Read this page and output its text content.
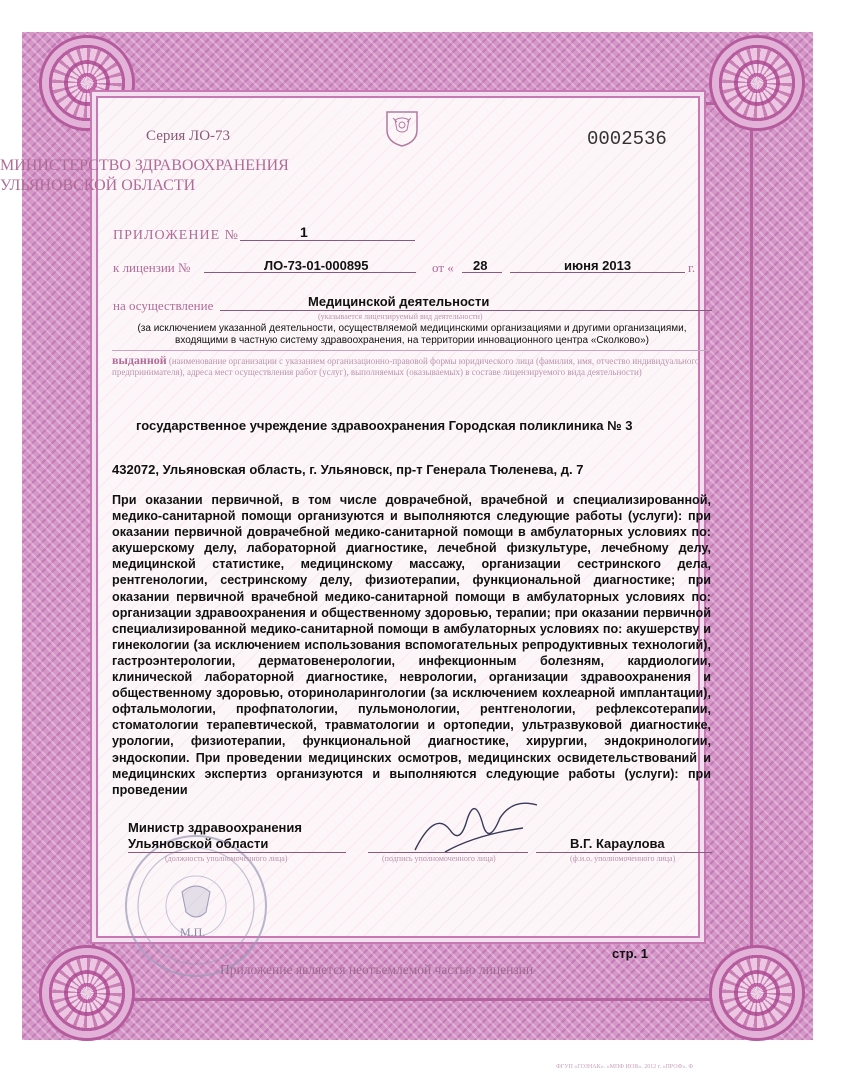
Серия ЛО-73	0002536
МИНИСТЕРСТВО ЗДРАВООХРАНЕНИЯ
УЛЬЯНОВСКОЙ ОБЛАСТИ
ПРИЛОЖЕНИЕ №	1
к лицензии №	ЛО-73-01-000895	от « 28	июня 2013	г.
на осуществление	Медицинской деятельности
(указывается лицензируемый вид деятельности)
(за исключением указанной деятельности, осуществляемой медицинскими организациями и другими организациями, входящими в частную систему здравоохранения, на территории инновационного центра «Сколково»)
выданной (наименование организации с указанием организационно-правовой формы юридического лица (фамилия, имя, отчество индивидуального предпринимателя), адреса мест осуществления работ (услуг), выполняемых (оказываемых) в составе лицензируемого вида деятельности)
государственное учреждение здравоохранения Городская поликлиника № 3
432072, Ульяновская область, г. Ульяновск, пр-т Генерала Тюленева, д. 7
При оказании первичной, в том числе доврачебной, врачебной и специализированной, медико-санитарной помощи организуются и выполняются следующие работы (услуги): при оказании первичной доврачебной медико-санитарной помощи в амбулаторных условиях по: акушерскому делу, лабораторной диагностике, лечебной физкультуре, лечебному делу, медицинской статистике, медицинскому массажу, организации сестринского дела, рентгенологии, сестринскому делу, физиотерапии, функциональной диагностике; при оказании первичной врачебной медико-санитарной помощи в амбулаторных условиях по: организации здравоохранения и общественному здоровью, терапии; при оказании первичной специализированной медико-санитарной помощи в амбулаторных условиях по: акушерству и гинекологии (за исключением использования вспомогательных репродуктивных технологий), гастроэнтерологии, дерматовенерологии, инфекционным болезням, кардиологии, клинической лабораторной диагностике, неврологии, организации здравоохранения и общественному здоровью, оториноларингологии (за исключением кохлеарной имплантации), офтальмологии, профпатологии, пульмонологии, рентгенологии, рефлексотерапии, стоматологии терапевтической, травматологии и ортопедии, ультразвуковой диагностике, урологии, физиотерапии, функциональной диагностике, хирургии, эндокринологии, эндоскопии. При проведении медицинских осмотров, медицинских освидетельствований и медицинских экспертиз организуются и выполняются следующие работы (услуги): при проведении
М.П.
Министр здравоохранения
Ульяновской области	В.Г. Караулова
(должность уполномоченного лица)	(подпись уполномоченного лица)	(ф.и.о. уполномоченного лица)
стр. 1
Приложение является неотъемлемой частью лицензии
ФГУП «ГОЗНАК». «МПФ ИОВ». 2012 г. «ПРОФ». Ф
